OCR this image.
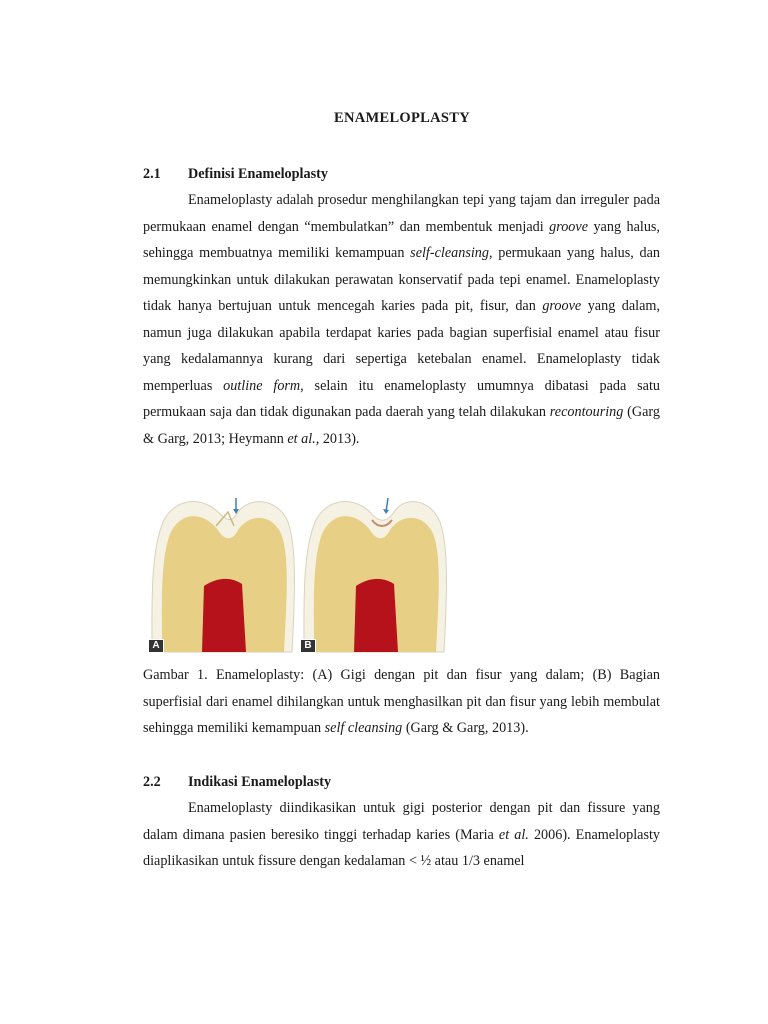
ENAMELOPLASTY
2.1 Definisi Enameloplasty

Enameloplasty adalah prosedur menghilangkan tepi yang tajam dan irreguler pada permukaan enamel dengan “membulatkan” dan membentuk menjadi groove yang halus, sehingga membuatnya memiliki kemampuan self-cleansing, permukaan yang halus, dan memungkinkan untuk dilakukan perawatan konservatif pada tepi enamel. Enameloplasty tidak hanya bertujuan untuk mencegah karies pada pit, fisur, dan groove yang dalam, namun juga dilakukan apabila terdapat karies pada bagian superfisial enamel atau fisur yang kedalamannya kurang dari sepertiga ketebalan enamel. Enameloplasty tidak memperluas outline form, selain itu enameloplasty umumnya dibatasi pada satu permukaan saja dan tidak digunakan pada daerah yang telah dilakukan recontouring (Garg & Garg, 2013; Heymann et al., 2013).

A	B

Gambar 1. Enameloplasty: (A) Gigi dengan pit dan fisur yang dalam; (B) Bagian superfisial dari enamel dihilangkan untuk menghasilkan pit dan fisur yang lebih membulat sehingga memiliki kemampuan self cleansing (Garg & Garg, 2013).

2.2 Indikasi Enameloplasty

Enameloplasty diindikasikan untuk gigi posterior dengan pit dan fissure yang dalam dimana pasien beresiko tinggi terhadap karies (Maria et al. 2006). Enameloplasty diaplikasikan untuk fissure dengan kedalaman < ½ atau 1/3 enamel
